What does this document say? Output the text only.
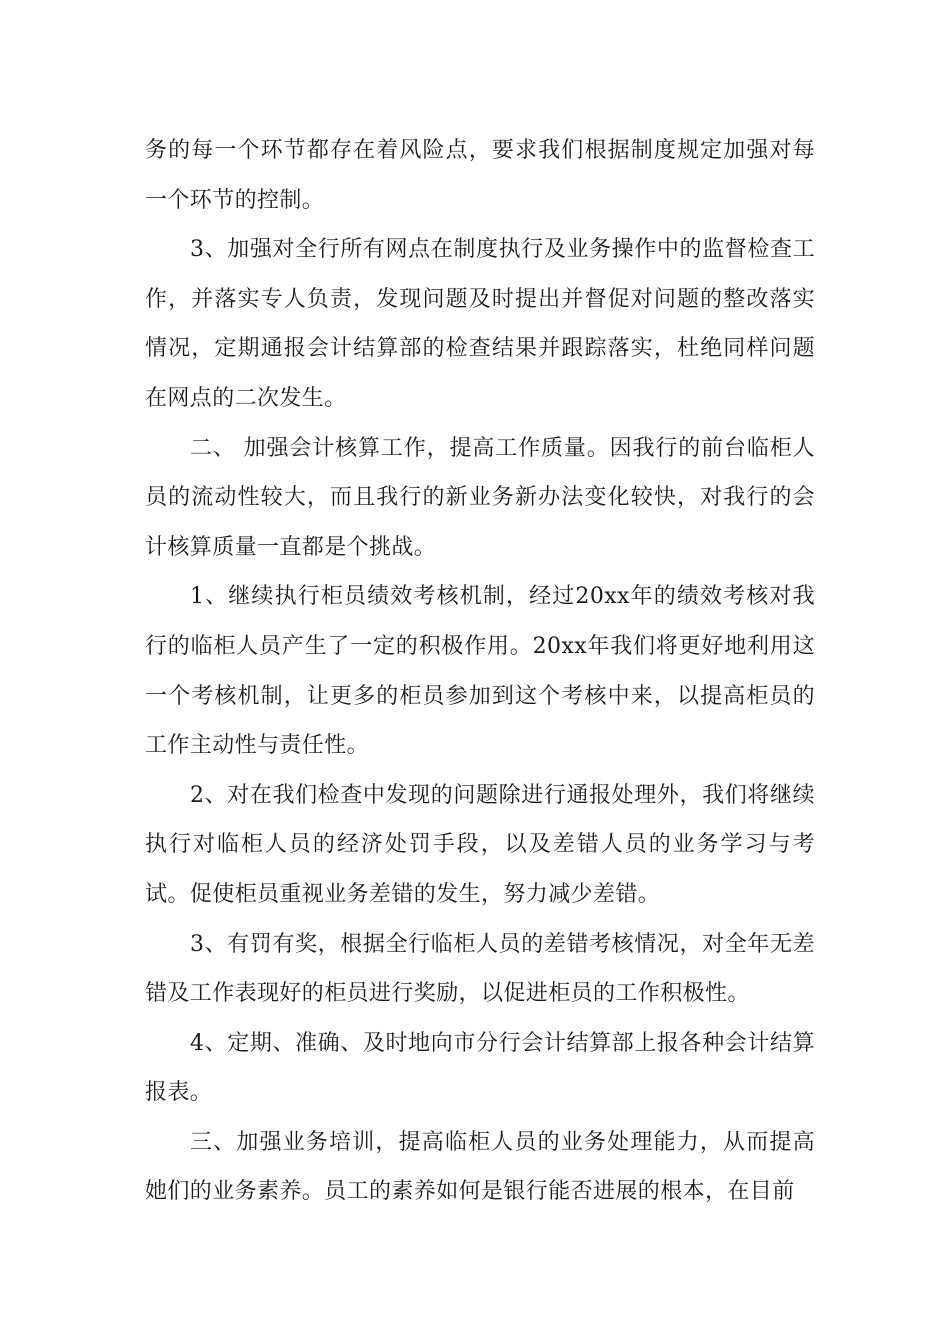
务的每一个环节都存在着风险点，要求我们根据制度规定加强对每一个环节的控制。

3、加强对全行所有网点在制度执行及业务操作中的监督检查工作，并落实专人负责，发现问题及时提出并督促对问题的整改落实情况，定期通报会计结算部的检查结果并跟踪落实，杜绝同样问题在网点的二次发生。

二、 加强会计核算工作，提高工作质量。因我行的前台临柜人员的流动性较大，而且我行的新业务新办法变化较快，对我行的会计核算质量一直都是个挑战。

1、继续执行柜员绩效考核机制，经过20xx年的绩效考核对我行的临柜人员产生了一定的积极作用。20xx年我们将更好地利用这一个考核机制，让更多的柜员参加到这个考核中来，以提高柜员的工作主动性与责任性。

2、对在我们检查中发现的问题除进行通报处理外，我们将继续执行对临柜人员的经济处罚手段，以及差错人员的业务学习与考试。促使柜员重视业务差错的发生，努力减少差错。

3、有罚有奖，根据全行临柜人员的差错考核情况，对全年无差错及工作表现好的柜员进行奖励，以促进柜员的工作积极性。

4、定期、准确、及时地向市分行会计结算部上报各种会计结算报表。

三、加强业务培训，提高临柜人员的业务处理能力，从而提高她们的业务素养。员工的素养如何是银行能否进展的根本，在目前
